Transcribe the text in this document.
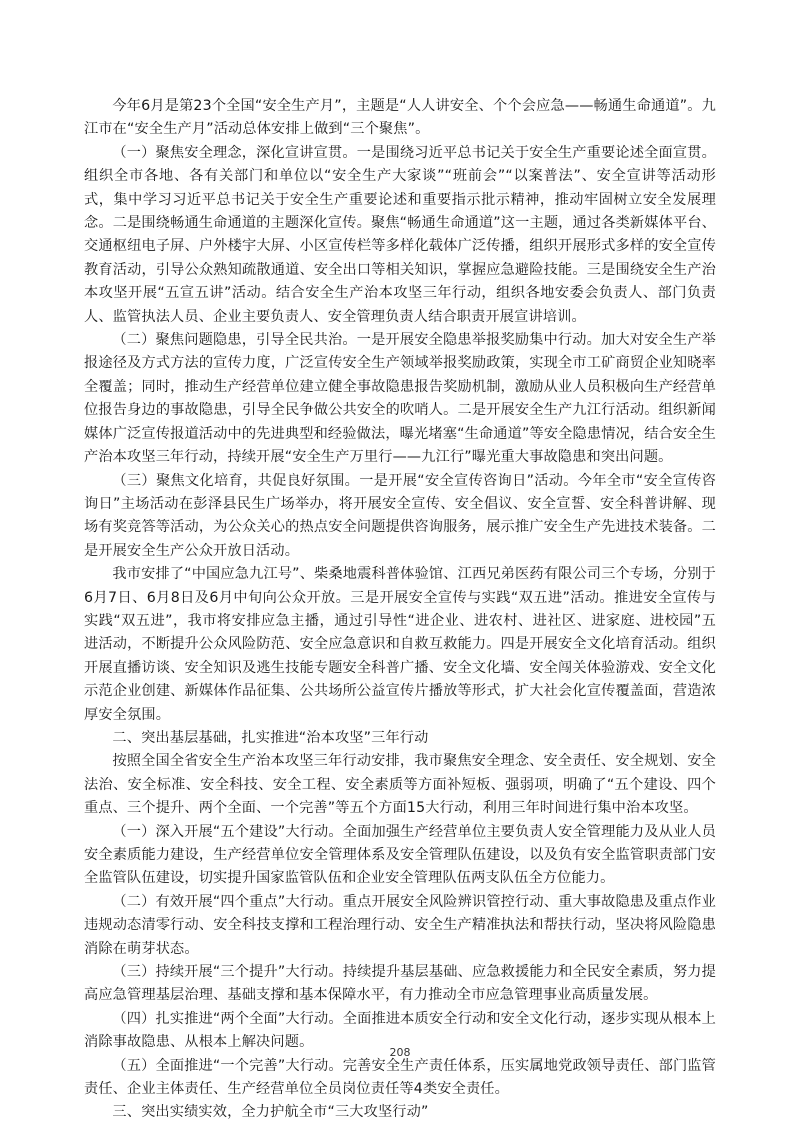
今年6月是第23个全国“安全生产月”，主题是“人人讲安全、个个会应急——畅通生命通道”。九江市在“安全生产月”活动总体安排上做到“三个聚焦”。

（一）聚焦安全理念，深化宣讲宣贯。一是围绕习近平总书记关于安全生产重要论述全面宣贯。组织全市各地、各有关部门和单位以“安全生产大家谈”“班前会”“以案普法”、安全宣讲等活动形式，集中学习习近平总书记关于安全生产重要论述和重要指示批示精神，推动牢固树立安全发展理念。二是围绕畅通生命通道的主题深化宣传。聚焦“畅通生命通道”这一主题，通过各类新媒体平台、交通枢纽电子屏、户外楼宇大屏、小区宣传栏等多样化载体广泛传播，组织开展形式多样的安全宣传教育活动，引导公众熟知疏散通道、安全出口等相关知识，掌握应急避险技能。三是围绕安全生产治本攻坚开展“五宣五讲”活动。结合安全生产治本攻坚三年行动，组织各地安委会负责人、部门负责人、监管执法人员、企业主要负责人、安全管理负责人结合职责开展宣讲培训。

（二）聚焦问题隐患，引导全民共治。一是开展安全隐患举报奖励集中行动。加大对安全生产举报途径及方式方法的宣传力度，广泛宣传安全生产领域举报奖励政策，实现全市工矿商贸企业知晓率全覆盖；同时，推动生产经营单位建立健全事故隐患报告奖励机制，激励从业人员积极向生产经营单位报告身边的事故隐患，引导全民争做公共安全的吹哨人。二是开展安全生产九江行活动。组织新闻媒体广泛宣传报道活动中的先进典型和经验做法，曝光堵塞“生命通道”等安全隐患情况，结合安全生产治本攻坚三年行动，持续开展“安全生产万里行——九江行”曝光重大事故隐患和突出问题。

（三）聚焦文化培育，共促良好氛围。一是开展“安全宣传咨询日”活动。今年全市“安全宣传咨询日”主场活动在彭泽县民生广场举办，将开展安全宣传、安全倡议、安全宣誓、安全科普讲解、现场有奖竞答等活动，为公众关心的热点安全问题提供咨询服务，展示推广安全生产先进技术装备。二是开展安全生产公众开放日活动。

我市安排了“中国应急九江号”、柴桑地震科普体验馆、江西兄弟医药有限公司三个专场，分别于6月7日、6月8日及6月中旬向公众开放。三是开展安全宣传与实践“双五进”活动。推进安全宣传与实践“双五进”，我市将安排应急主播，通过引导性“进企业、进农村、进社区、进家庭、进校园”五进活动，不断提升公众风险防范、安全应急意识和自救互救能力。四是开展安全文化培育活动。组织开展直播访谈、安全知识及逃生技能专题安全科普广播、安全文化墙、安全闯关体验游戏、安全文化示范企业创建、新媒体作品征集、公共场所公益宣传片播放等形式，扩大社会化宣传覆盖面，营造浓厚安全氛围。

二、突出基层基础，扎实推进“治本攻坚”三年行动

按照全国全省安全生产治本攻坚三年行动安排，我市聚焦安全理念、安全责任、安全规划、安全法治、安全标准、安全科技、安全工程、安全素质等方面补短板、强弱项，明确了“五个建设、四个重点、三个提升、两个全面、一个完善”等五个方面15大行动，利用三年时间进行集中治本攻坚。

（一）深入开展“五个建设”大行动。全面加强生产经营单位主要负责人安全管理能力及从业人员安全素质能力建设，生产经营单位安全管理体系及安全管理队伍建设，以及负有安全监管职责部门安全监管队伍建设，切实提升国家监管队伍和企业安全管理队伍两支队伍全方位能力。

（二）有效开展“四个重点”大行动。重点开展安全风险辨识管控行动、重大事故隐患及重点作业违规动态清零行动、安全科技支撑和工程治理行动、安全生产精准执法和帮扶行动，坚决将风险隐患消除在萌芽状态。

（三）持续开展“三个提升”大行动。持续提升基层基础、应急救援能力和全民安全素质，努力提高应急管理基层治理、基础支撑和基本保障水平，有力推动全市应急管理事业高质量发展。

（四）扎实推进“两个全面”大行动。全面推进本质安全行动和安全文化行动，逐步实现从根本上消除事故隐患、从根本上解决问题。

（五）全面推进“一个完善”大行动。完善安全生产责任体系，压实属地党政领导责任、部门监管责任、企业主体责任、生产经营单位全员岗位责任等4类安全责任。

三、突出实绩实效，全力护航全市“三大攻坚行动”

208
